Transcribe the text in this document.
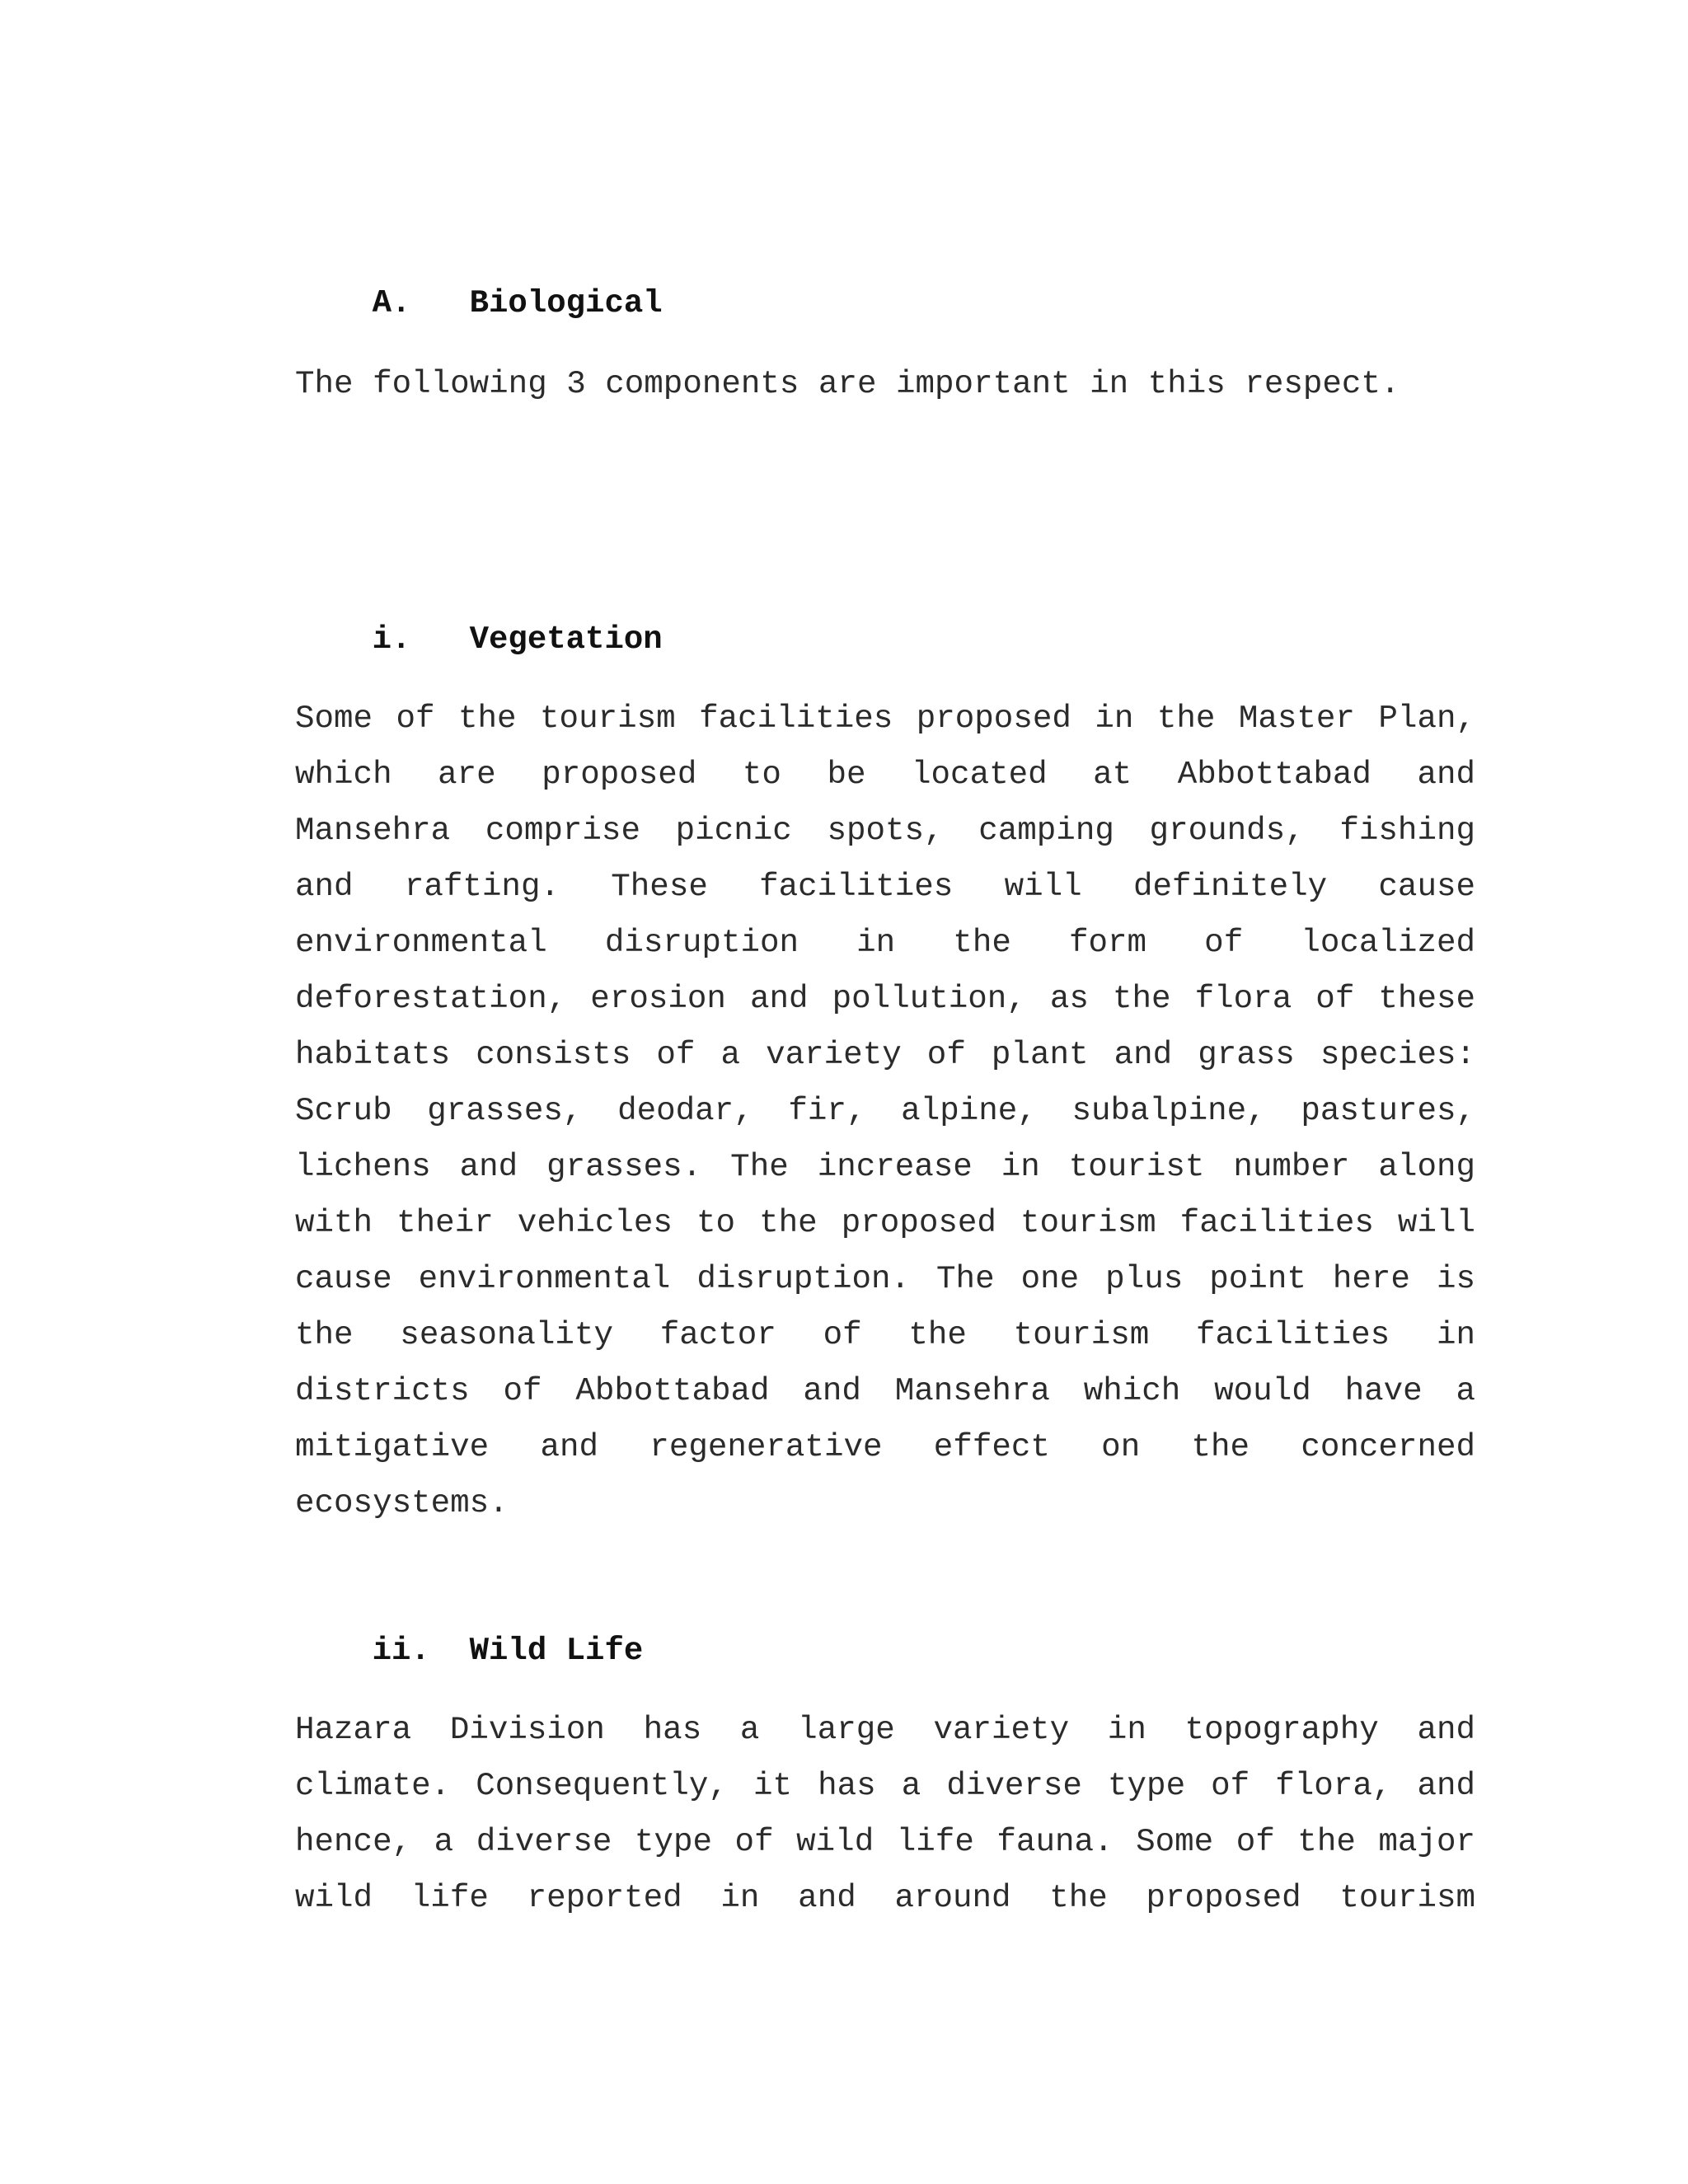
A. Biological

The following 3 components are important in this respect.

i. Vegetation

Some of the tourism facilities proposed in the Master Plan,
which are proposed to be located at Abbottabad and
Mansehra comprise picnic spots, camping grounds, fishing
and rafting. These facilities will definitely cause
environmental disruption in the form of localized
deforestation, erosion and pollution, as the flora of these
habitats consists of a variety of plant and grass species:
Scrub grasses, deodar, fir, alpine, subalpine, pastures,
lichens and grasses. The increase in tourist number along
with their vehicles to the proposed tourism facilities will
cause environmental disruption. The one plus point here is
the seasonality factor of the tourism facilities in
districts of Abbottabad and Mansehra which would have a
mitigative and regenerative effect on the concerned
ecosystems.

ii. Wild Life

Hazara Division has a large variety in topography and
climate. Consequently, it has a diverse type of flora, and
hence, a diverse type of wild life fauna. Some of the major
wild life reported in and around the proposed tourism
